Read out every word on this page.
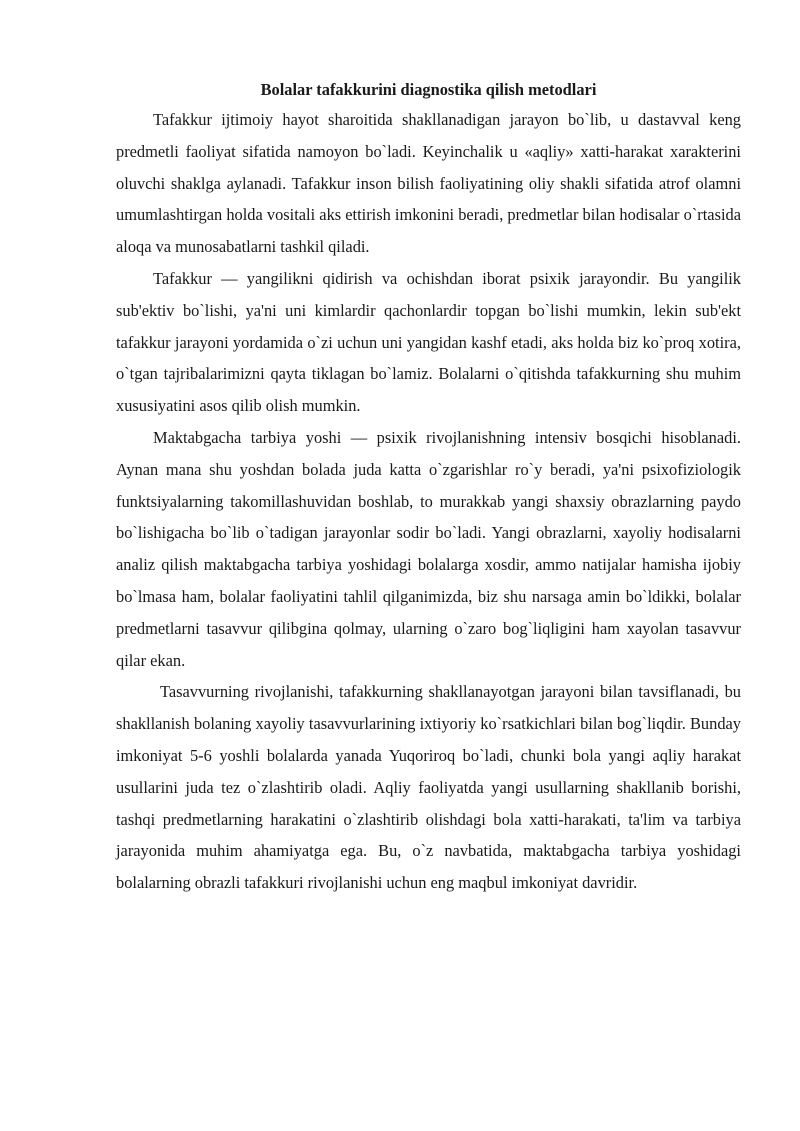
Bolalar tafakkurini diagnostika qilish metodlari

Tafakkur ijtimoiy hayot sharoitida shakllanadigan jarayon bo`lib, u dastavval keng predmetli faoliyat sifatida namoyon bo`ladi. Keyinchalik u «aqliy» xatti-harakat xarakterini oluvchi shaklga aylanadi. Tafakkur inson bilish faoliyatining oliy shakli sifatida atrof olamni umumlashtirgan holda vositali aks ettirish imkonini beradi, predmetlar bilan hodisalar o`rtasida aloqa va munosabatlarni tashkil qiladi.

Tafakkur — yangilikni qidirish va ochishdan iborat psixik jarayondir. Bu yangilik sub'ektiv bo`lishi, ya'ni uni kimlardir qachonlardir topgan bo`lishi mumkin, lekin sub'ekt tafakkur jarayoni yordamida o`zi uchun uni yangidan kashf etadi, aks holda biz ko`proq xotira, o`tgan tajribalarimizni qayta tiklagan bo`lamiz. Bolalarni o`qitishda tafakkurning shu muhim xususiyatini asos qilib olish mumkin.

Maktabgacha tarbiya yoshi — psixik rivojlanishning intensiv bosqichi hisoblanadi. Aynan mana shu yoshdan bolada juda katta o`zgarishlar ro`y beradi, ya'ni psixofiziologik funktsiyalarning takomillashuvidan boshlab, to murakkab yangi shaxsiy obrazlarning paydo bo`lishigacha bo`lib o`tadigan jarayonlar sodir bo`ladi. Yangi obrazlarni, xayoliy hodisalarni analiz qilish maktabgacha tarbiya yoshidagi bolalarga xosdir, ammo natijalar hamisha ijobiy bo`lmasa ham, bolalar faoliyatini tahlil qilganimizda, biz shu narsaga amin bo`ldikki, bolalar predmetlarni tasavvur qilibgina qolmay, ularning o`zaro bog`liqligini ham xayolan tasavvur qilar ekan.

Tasavvurning rivojlanishi, tafakkurning shakllanayotgan jarayoni bilan tavsiflanadi, bu shakllanish bolaning xayoliy tasavvurlarining ixtiyoriy ko`rsatkichlari bilan bog`liqdir. Bunday imkoniyat 5-6 yoshli bolalarda yanada Yuqoriroq bo`ladi, chunki bola yangi aqliy harakat usullarini juda tez o`zlashtirib oladi. Aqliy faoliyatda yangi usullarning shakllanib borishi, tashqi predmetlarning harakatini o`zlashtirib olishdagi bola xatti-harakati, ta'lim va tarbiya jarayonida muhim ahamiyatga ega. Bu, o`z navbatida, maktabgacha tarbiya yoshidagi bolalarning obrazli tafakkuri rivojlanishi uchun eng maqbul imkoniyat davridir.
